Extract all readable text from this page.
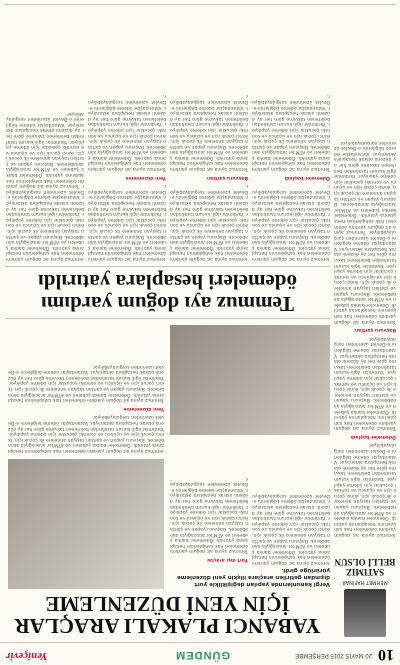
10
20 MAYIS 2015 PERŞEMBE
GÜNDEM
Yeniçevir
MEHMET HAFÍNAR
SATIMIZ BELLİ OLSUN
YABANCI PLAKALI ARAÇLAR İÇİN YENİ DÜZENLEME
Vergi kanunlarında yapılan değişiklikle yurt dışından getirilen araçlara ilişkin yeni düzenleme yürürlüğe girdi.
Temmuz ayına ait doğum yardımı ödemeleri hak sahiplerinin hesaplarına yatırıldı. Ödemeler banka şubeleri ve ATM'ler aracılığıyla alınabilecek. Başvuru yapan ve şartları taşıyan annelere ilk çocuk için, ikinci çocuk için ve üçüncü ve sonraki çocuklar için ödeme yapılıyor. Yardımlar ilgili kurum tarafından belirlenen takvime göre her ay düzenli olarak hesaplara aktarılıyor. Vatandaşlar ödeme bilgilerini e-Devlet üzerinden sorgulayabiliyor.
Ödemeler başladı
Temmuz ayına ait doğum yardımı ödemeleri hak sahiplerinin hesaplarına yatırıldı. Ödemeler banka şubeleri ve ATM'ler aracılığıyla alınabilecek. Başvuru yapan ve şartları taşıyan annelere ilk çocuk için, ikinci çocuk için ve üçüncü ve sonraki çocuklar için ödeme yapılıyor. Yardımlar ilgili kurum tarafından belirlenen takvime göre her ay düzenli olarak hesaplara aktarılıyor. Vatandaşlar ödeme bilgilerini e-Devlet üzerinden sorgulayabiliyor.
Başvuru şartları
Temmuz ayına ait doğum yardımı ödemeleri hak sahiplerinin hesaplarına yatırıldı. Ödemeler banka şubeleri ve ATM'ler aracılığıyla alınabilecek. Başvuru yapan ve şartları taşıyan annelere ilk çocuk için, ikinci çocuk için ve üçüncü ve sonraki çocuklar için ödeme yapılıyor. Yardımlar ilgili kurum tarafından belirlenen takvime göre her ay düzenli olarak hesaplara aktarılıyor. Vatandaşlar ödeme bilgilerini e-Devlet üzerinden sorgulayabiliyor. Temmuz ayına ait doğum yardımı ödemeleri hak sahiplerinin hesaplarına yatırıldı. Ödemeler banka şubeleri ve ATM'ler aracılığıyla alınabilecek. Başvuru yapan ve şartları taşıyan annelere ilk çocuk için, ikinci çocuk için ve üçüncü ve sonraki çocuklar için ödeme yapılıyor. Yardımlar ilgili kurum tarafından belirlenen takvime göre her ay düzenli olarak hesaplara aktarılıyor. Vatandaşlar ödeme bilgilerini e-Devlet üzerinden sorgulayabiliyor.
Temmuz ayına ait doğum yardımı ödemeleri hak sahiplerinin hesaplarına yatırıldı. Ödemeler banka şubeleri ve ATM'ler aracılığıyla alınabilecek. Başvuru yapan ve şartları taşıyan annelere ilk çocuk için, ikinci çocuk için ve üçüncü ve sonraki çocuklar için ödeme yapılıyor. Yardımlar ilgili kurum tarafından belirlenen takvime göre her ay düzenli olarak hesaplara aktarılıyor. Vatandaşlar ödeme bilgilerini e-Devlet üzerinden sorgulayabiliyor.
Yurt dışı araçlar
Temmuz ayına ait doğum yardımı ödemeleri hak sahiplerinin hesaplarına yatırıldı. Ödemeler banka şubeleri ve ATM'ler aracılığıyla alınabilecek. Başvuru yapan ve şartları taşıyan annelere ilk çocuk için, ikinci çocuk için ve üçüncü ve sonraki çocuklar için ödeme yapılıyor. Yardımlar ilgili kurum tarafından belirlenen takvime göre her ay düzenli olarak hesaplara aktarılıyor. Vatandaşlar ödeme bilgilerini e-Devlet üzerinden sorgulayabiliyor.
Temmuz ayına ait doğum yardımı ödemeleri hak sahiplerinin hesaplarına yatırıldı. Ödemeler banka şubeleri ve ATM'ler aracılığıyla alınabilecek. Başvuru yapan ve şartları taşıyan annelere ilk çocuk için, ikinci çocuk için ve üçüncü ve sonraki çocuklar için ödeme yapılıyor. Yardımlar ilgili kurum tarafından belirlenen takvime göre her ay düzenli olarak hesaplara aktarılıyor. Vatandaşlar ödeme bilgilerini e-Devlet üzerinden sorgulayabiliyor.
Yeni düzenleme
Temmuz ayına ait doğum yardımı ödemeleri hak sahiplerinin hesaplarına yatırıldı. Ödemeler banka şubeleri ve ATM'ler aracılığıyla alınabilecek. Başvuru yapan ve şartları taşıyan annelere ilk çocuk için, ikinci çocuk için ve üçüncü ve sonraki çocuklar için ödeme yapılıyor. Yardımlar ilgili kurum tarafından belirlenen takvime göre her ay düzenli olarak hesaplara aktarılıyor. Vatandaşlar ödeme bilgilerini e-Devlet üzerinden sorgulayabiliyor.
Temmuz ayı doğum yardımı ödemeleri hesaplara yatırıldı
Temmuz ayına ait doğum yardımı ödemeleri hak sahiplerinin hesaplarına yatırıldı. Ödemeler banka şubeleri ve ATM'ler aracılığıyla alınabilecek. Başvuru yapan ve şartları taşıyan annelere ilk çocuk için, ikinci çocuk için ve üçüncü ve sonraki çocuklar için ödeme yapılıyor. Yardımlar ilgili kurum tarafından belirlenen takvime göre her ay düzenli olarak hesaplara aktarılıyor. Vatandaşlar ödeme bilgilerini e-Devlet üzerinden sorgulayabiliyor.
Ödemeler başladı
Temmuz ayına ait doğum yardımı ödemeleri hak sahiplerinin hesaplarına yatırıldı. Ödemeler banka şubeleri ve ATM'ler aracılığıyla alınabilecek. Başvuru yapan ve şartları taşıyan annelere ilk çocuk için, ikinci çocuk için ve üçüncü ve sonraki çocuklar için ödeme yapılıyor. Yardımlar ilgili kurum tarafından belirlenen takvime göre her ay düzenli olarak hesaplara aktarılıyor. Vatandaşlar ödeme bilgilerini e-Devlet üzerinden sorgulayabiliyor.
Temmuz ayına ait doğum yardımı ödemeleri hak sahiplerinin hesaplarına yatırıldı. Ödemeler banka şubeleri ve ATM'ler aracılığıyla alınabilecek. Başvuru yapan ve şartları taşıyan annelere ilk çocuk için, ikinci çocuk için ve üçüncü ve sonraki çocuklar için ödeme yapılıyor. Yardımlar ilgili kurum tarafından belirlenen takvime göre her ay düzenli olarak hesaplara aktarılıyor. Vatandaşlar ödeme bilgilerini e-Devlet üzerinden sorgulayabiliyor.
Başvuru şartları
Temmuz ayına ait doğum yardımı ödemeleri hak sahiplerinin hesaplarına yatırıldı. Ödemeler banka şubeleri ve ATM'ler aracılığıyla alınabilecek. Başvuru yapan ve şartları taşıyan annelere ilk çocuk için, ikinci çocuk için ve üçüncü ve sonraki çocuklar için ödeme yapılıyor. Yardımlar ilgili kurum tarafından belirlenen takvime göre her ay düzenli olarak hesaplara aktarılıyor. Vatandaşlar ödeme bilgilerini e-Devlet üzerinden sorgulayabiliyor.
Temmuz ayına ait doğum yardımı ödemeleri hak sahiplerinin hesaplarına yatırıldı. Ödemeler banka şubeleri ve ATM'ler aracılığıyla alınabilecek. Başvuru yapan ve şartları taşıyan annelere ilk çocuk için, ikinci çocuk için ve üçüncü ve sonraki çocuklar için ödeme yapılıyor. Yardımlar ilgili kurum tarafından belirlenen takvime göre her ay düzenli olarak hesaplara aktarılıyor. Vatandaşlar ödeme bilgilerini e-Devlet üzerinden sorgulayabiliyor.
Yeni düzenleme
Temmuz ayına ait doğum yardımı ödemeleri hak sahiplerinin hesaplarına yatırıldı. Ödemeler banka şubeleri ve ATM'ler aracılığıyla alınabilecek. Başvuru yapan ve şartları taşıyan annelere ilk çocuk için, ikinci çocuk için ve üçüncü ve sonraki çocuklar için ödeme yapılıyor. Yardımlar ilgili kurum tarafından belirlenen takvime göre her ay düzenli olarak hesaplara aktarılıyor. Vatandaşlar ödeme bilgilerini e-Devlet üzerinden sorgulayabiliyor.
Temmuz ayına ait doğum yardımı ödemeleri hak sahiplerinin hesaplarına yatırıldı. Ödemeler banka şubeleri ve ATM'ler aracılığıyla alınabilecek. Başvuru yapan ve şartları taşıyan annelere ilk çocuk için, ikinci çocuk için ve üçüncü ve sonraki çocuklar için ödeme yapılıyor. Yardımlar ilgili kurum tarafından belirlenen takvime göre her ay düzenli olarak hesaplara aktarılıyor. Vatandaşlar ödeme bilgilerini e-Devlet üzerinden sorgulayabiliyor. Temmuz ayına ait doğum yardımı ödemeleri hak sahiplerinin hesaplarına yatırıldı. Ödemeler banka şubeleri ve ATM'ler aracılığıyla alınabilecek. Başvuru yapan ve şartları taşıyan annelere ilk çocuk için, ikinci çocuk için ve üçüncü ve sonraki çocuklar için ödeme yapılıyor. Yardımlar ilgili kurum tarafından belirlenen takvime göre her ay düzenli olarak hesaplara aktarılıyor. Vatandaşlar ödeme bilgilerini e-Devlet üzerinden sorgulayabiliyor.
